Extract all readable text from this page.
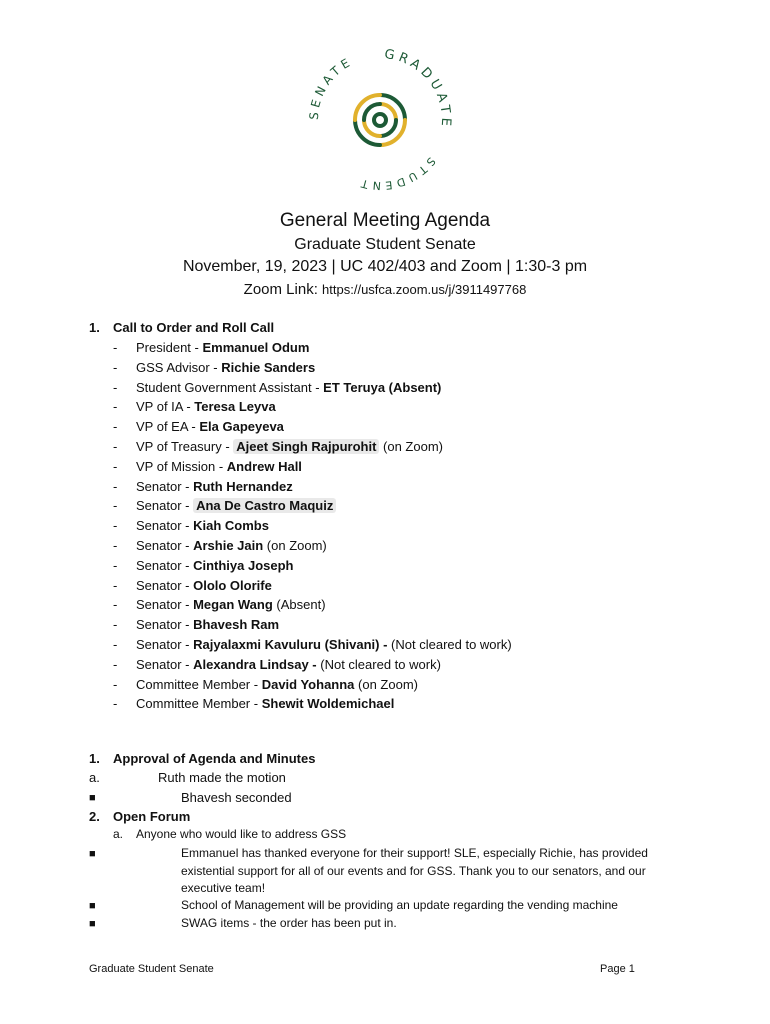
GRADUATE
STUDENT
SENATE
General Meeting Agenda
Graduate Student Senate
November, 19, 2023 | UC 402/403 and Zoom | 1:30-3 pm
Zoom Link: https://usfca.zoom.us/j/3911497768
1. Call to Order and Roll Call
- President - Emmanuel Odum
- GSS Advisor - Richie Sanders
- Student Government Assistant - ET Teruya (Absent)
- VP of IA - Teresa Leyva
- VP of EA - Ela Gapeyeva
- VP of Treasury - Ajeet Singh Rajpurohit (on Zoom)
- VP of Mission - Andrew Hall
- Senator - Ruth Hernandez
- Senator - Ana De Castro Maquiz
- Senator - Kiah Combs
- Senator - Arshie Jain (on Zoom)
- Senator - Cinthiya Joseph
- Senator - Ololo Olorife
- Senator - Megan Wang (Absent)
- Senator - Bhavesh Ram
- Senator - Rajyalaxmi Kavuluru (Shivani) - (Not cleared to work)
- Senator - Alexandra Lindsay - (Not cleared to work)
- Committee Member - David Yohanna (on Zoom)
- Committee Member - Shewit Woldemichael
1. Approval of Agenda and Minutes
a.	Ruth made the motion
■	Bhavesh seconded
2. Open Forum
a. Anyone who would like to address GSS
■	Emmanuel has thanked everyone for their support! SLE, especially Richie, has provided existential support for all of our events and for GSS. Thank you to our senators, and our executive team!
■	School of Management will be providing an update regarding the vending machine
■	SWAG items - the order has been put in.
Graduate Student Senate	Page 1
